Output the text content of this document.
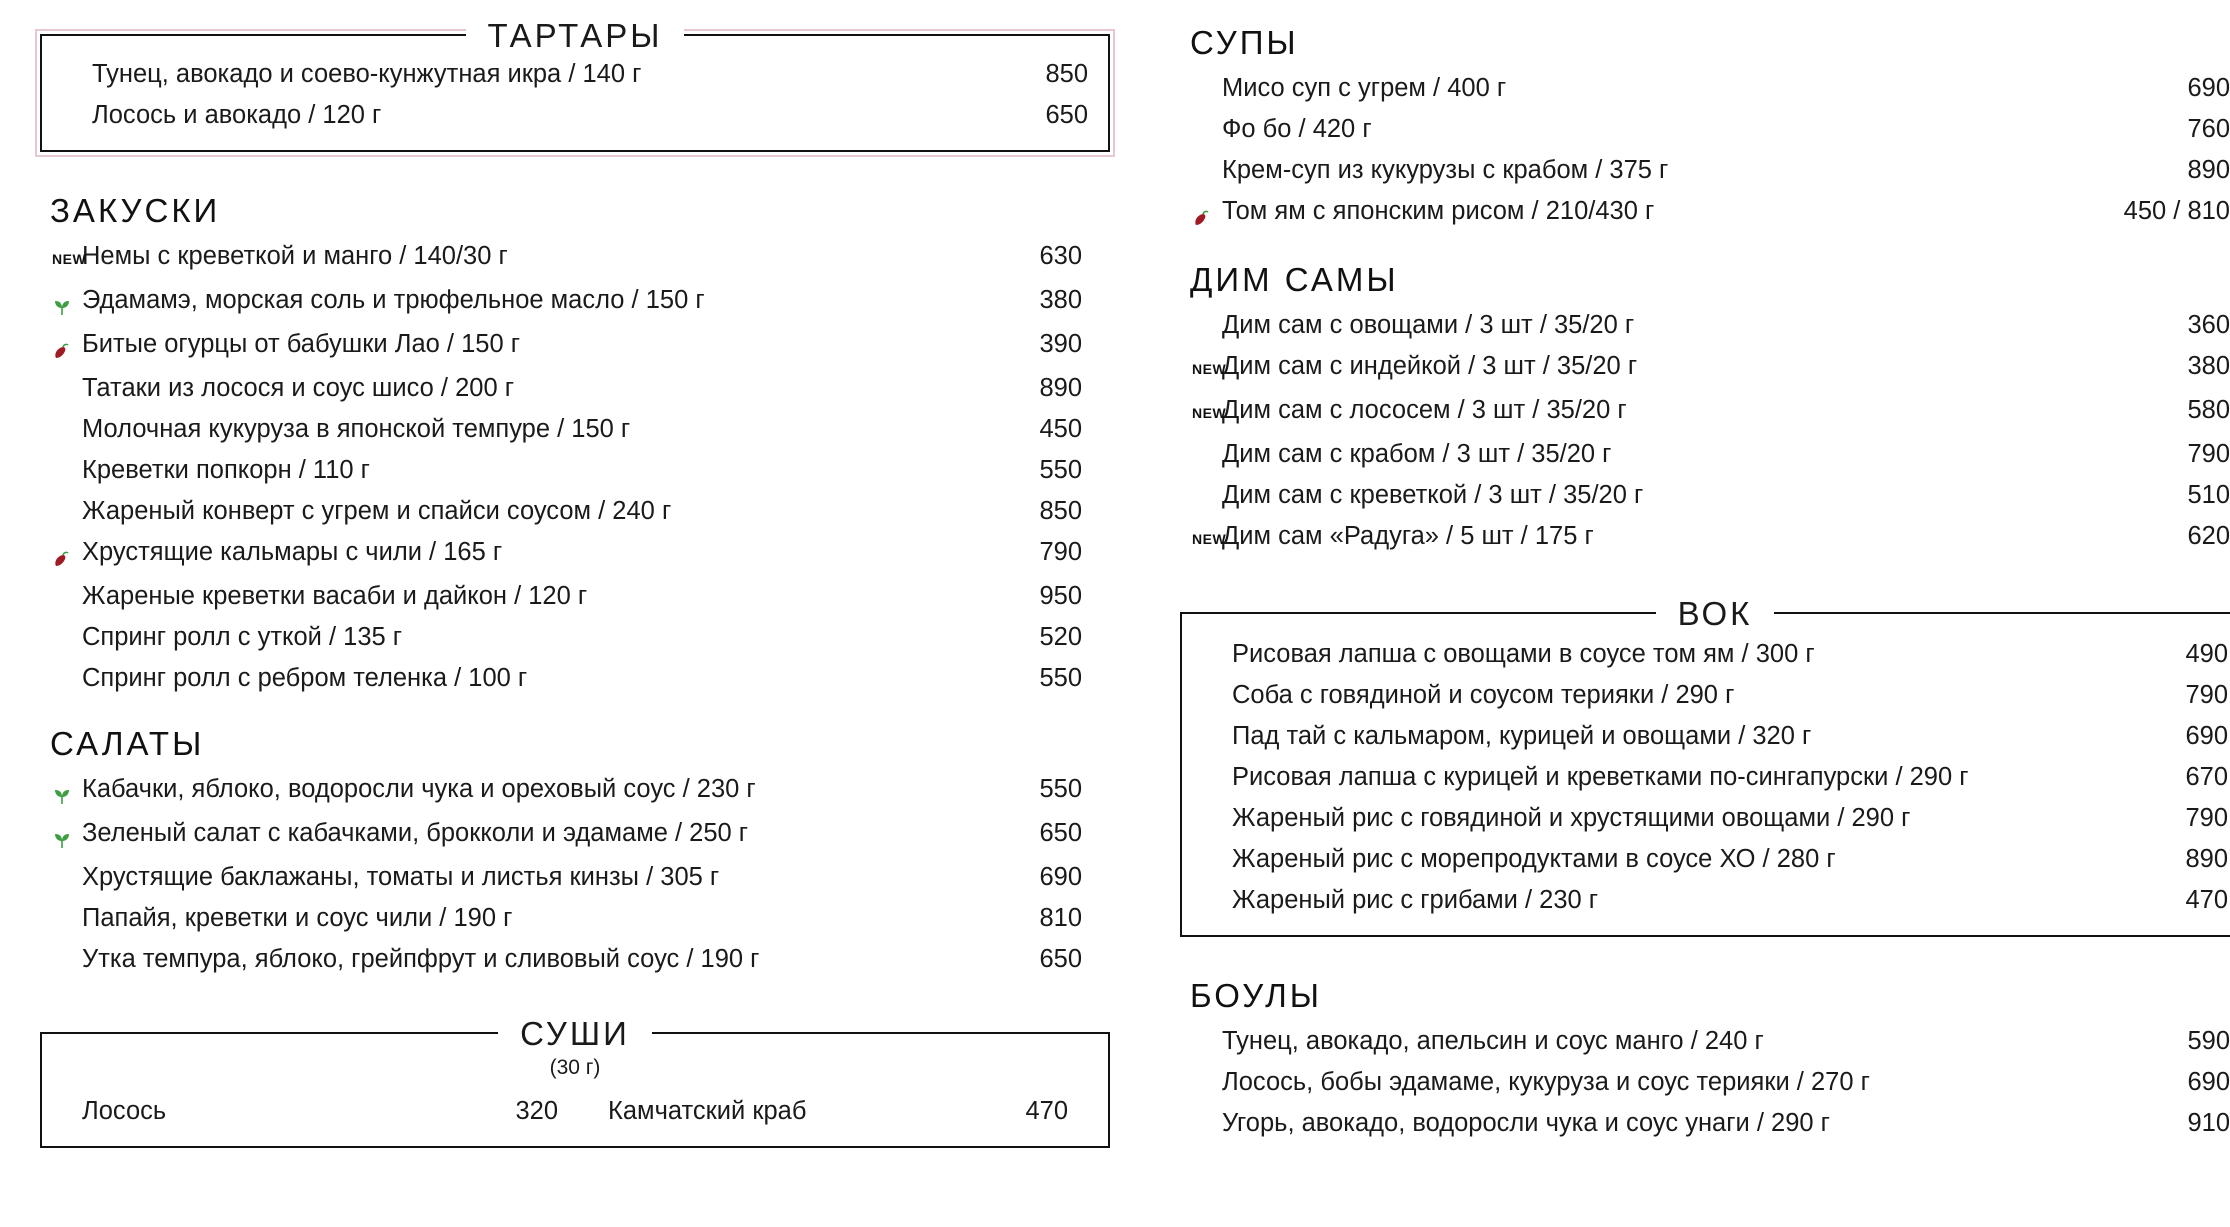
ТАРТАРЫ
Тунец, авокадо и соево-кунжутная икра / 140 г	850
Лосось и авокадо / 120 г	650
ЗАКУСКИ
NEW
Немы с креветкой и манго / 140/30 г	630
Эдамамэ, морская соль и трюфельное масло / 150 г	380
Битые огурцы от бабушки Лао / 150 г	390
Татаки из лосося и соус шисо / 200 г	890
Молочная кукуруза в японской темпуре / 150 г	450
Креветки попкорн / 110 г	550
Жареный конверт с угрем и спайси соусом / 240 г	850
Хрустящие кальмары с чили / 165 г	790
Жареные креветки васаби и дайкон / 120 г	950
Спринг ролл с уткой / 135 г	520
Спринг ролл с ребром теленка / 100 г	550
САЛАТЫ
Кабачки, яблоко, водоросли чука и ореховый соус / 230 г	550
Зеленый салат с кабачками, брокколи и эдамаме / 250 г	650
Хрустящие баклажаны, томаты и листья кинзы / 305 г	690
Папайя, креветки и соус чили / 190 г	810
Утка темпура, яблоко, грейпфрут и сливовый соус / 190 г	650
СУШИ
(30 г)
Лосось	320	Камчатский краб	470
СУПЫ
Мисо суп с угрем / 400 г	690
Фо бо / 420 г	760
Крем-суп из кукурузы с крабом / 375 г	890
Том ям с японским рисом / 210/430 г	450 / 810
ДИМ САМЫ
Дим сам с овощами / 3 шт / 35/20 г	360
NEW
Дим сам с индейкой / 3 шт / 35/20 г	380
NEW
Дим сам с лососем / 3 шт / 35/20 г	580
Дим сам с крабом / 3 шт / 35/20 г	790
Дим сам с креветкой / 3 шт / 35/20 г	510
NEW
Дим сам «Радуга» / 5 шт / 175 г	620
ВОК
Рисовая лапша с овощами в соусе том ям / 300 г	490
Соба с говядиной и соусом терияки / 290 г	790
Пад тай с кальмаром, курицей и овощами / 320 г	690
Рисовая лапша с курицей и креветками по-сингапурски / 290 г	670
Жареный рис с говядиной и хрустящими овощами / 290 г	790
Жареный рис с морепродуктами в соусе ХО / 280 г	890
Жареный рис с грибами / 230 г	470
БОУЛЫ
Тунец, авокадо, апельсин и соус манго / 240 г	590
Лосось, бобы эдамаме, кукуруза и соус терияки / 270 г	690
Угорь, авокадо, водоросли чука и соус унаги / 290 г	910
